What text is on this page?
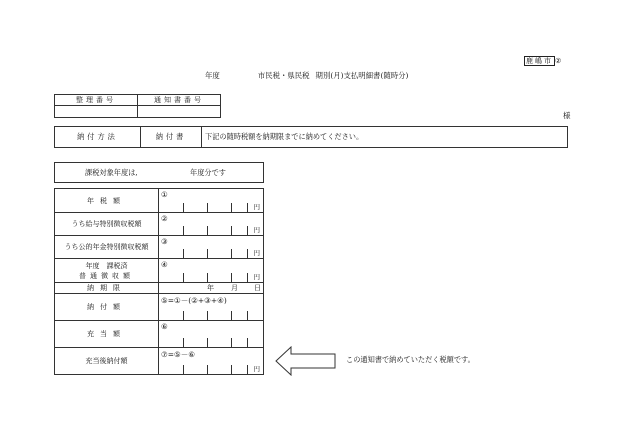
鹿嶋市 ②
年度	市民税・県民税 期別(月)支払明細書(随時分)
整理番号	通知書番号

様
納付方法	納付書	下記の随時税額を納期限までに納めてください。
課税対象年度は,	年度分です
年税額	①
円

うち給与特別徴収税額	②
円

うち公的年金特別徴収税額	③
円

年度　課税済
普通徴収額	④
円

納期限	年 月 日

納付額	⑤=①－(②+③+④)

充当額	⑥

充当後納付額	⑦=⑤－⑥
円
この通知書で納めていただく税額です。
